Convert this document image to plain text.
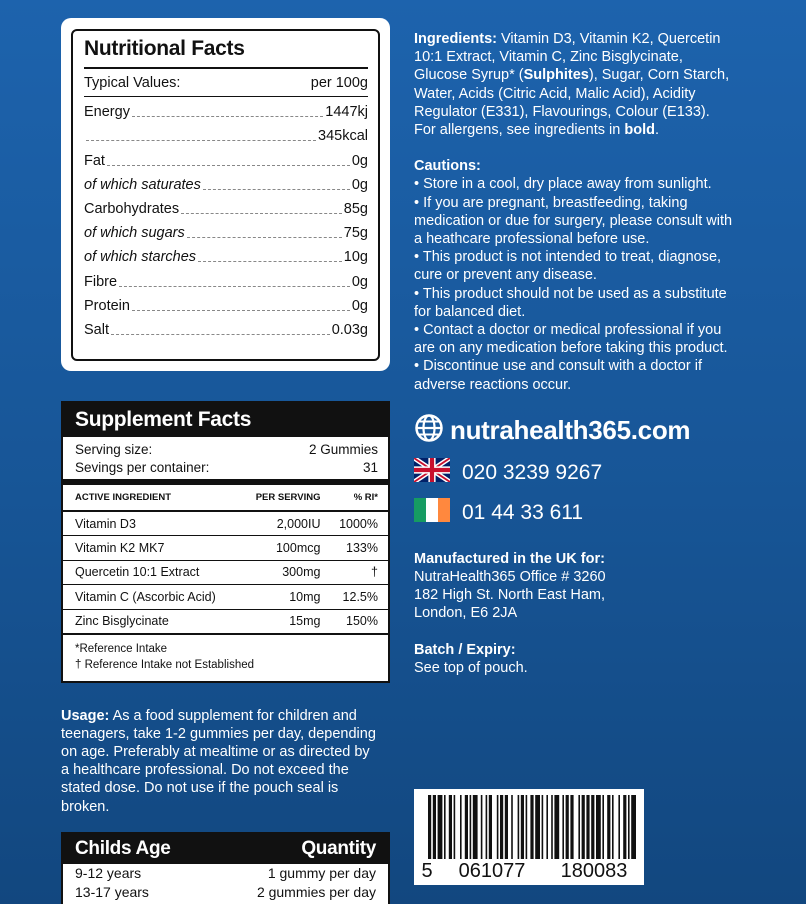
Nutritional Facts
Typical Values:	per 100g
Energy	1447kj
345kcal
Fat	0g
of which saturates	0g
Carbohydrates	85g
of which sugars	75g
of which starches	10g
Fibre	0g
Protein	0g
Salt	0.03g
Supplement Facts
Serving size:	2 Gummies
Sevings per container:	31
ACTIVE INGREDIENT	PER SERVING	% RI*
Vitamin D3	2,000IU	1000%
Vitamin K2 MK7	100mcg	133%
Quercetin 10:1 Extract	300mg	†
Vitamin C (Ascorbic Acid)	10mg	12.5%
Zinc Bisglycinate	15mg	150%
*Reference Intake
† Reference Intake not Established
Usage: As a food supplement for children and teenagers, take 1-2 gummies per day, depending on age. Preferably at mealtime or as directed by a healthcare professional. Do not exceed the stated dose. Do not use if the pouch seal is broken.
Childs Age	Quantity
9-12 years	1 gummy per day
13-17 years	2 gummies per day
Ingredients: Vitamin D3, Vitamin K2, Quercetin 10:1 Extract, Vitamin C, Zinc Bisglycinate, Glucose Syrup* (Sulphites), Sugar, Corn Starch, Water, Acids (Citric Acid, Malic Acid), Acidity Regulator (E331), Flavourings, Colour (E133). For allergens, see ingredients in bold.
Cautions:
• Store in a cool, dry place away from sunlight.
• If you are pregnant, breastfeeding, taking medication or due for surgery, please consult with a heathcare professional before use.
• This product is not intended to treat, diagnose, cure or prevent any disease.
• This product should not be used as a substitute for balanced diet.
• Contact a doctor or medical professional if you are on any medication before taking this product.
• Discontinue use and consult with a doctor if adverse reactions occur.
nutrahealth365.com
020 3239 9267
01 44 33 611
Manufactured in the UK for:
NutraHealth365 Office # 3260
182 High St. North East Ham,
London, E6 2JA
Batch / Expiry:
See top of pouch.
5	061077	180083
